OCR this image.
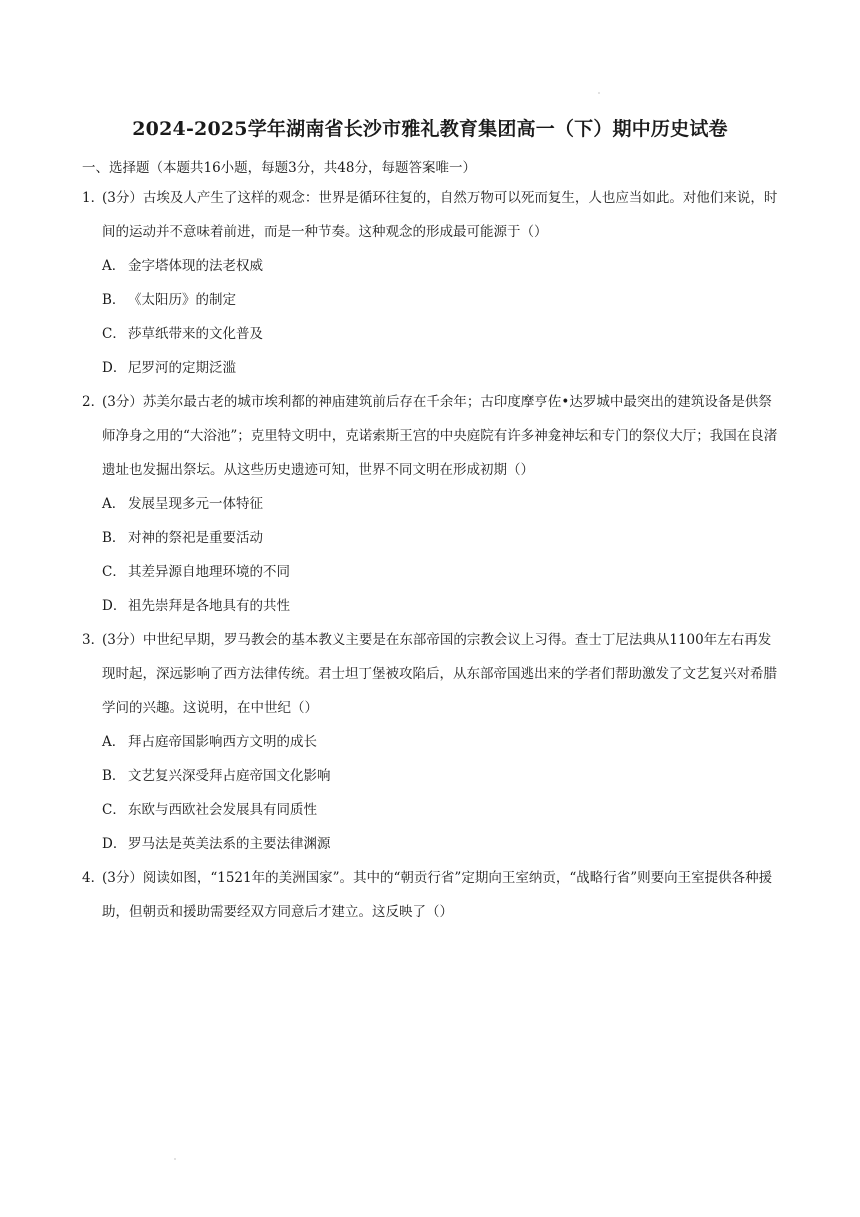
2024-2025学年湖南省长沙市雅礼教育集团高一（下）期中历史试卷
一、选择题（本题共16小题，每题3分，共48分，每题答案唯一）
1．(3分）古埃及人产生了这样的观念：世界是循环往复的，自然万物可以死而复生，人也应当如此。对他们来说，时间的运动并不意味着前进，而是一种节奏。这种观念的形成最可能源于（）
A． 金字塔体现的法老权威
B． 《太阳历》的制定
C． 莎草纸带来的文化普及
D． 尼罗河的定期泛滥
2．(3分）苏美尔最古老的城市埃利都的神庙建筑前后存在千余年；古印度摩亨佐•达罗城中最突出的建筑设备是供祭师净身之用的“大浴池”；克里特文明中，克诺索斯王宫的中央庭院有许多神龛神坛和专门的祭仪大厅；我国在良渚遗址也发掘出祭坛。从这些历史遗迹可知，世界不同文明在形成初期（）
A． 发展呈现多元一体特征
B． 对神的祭祀是重要活动
C． 其差异源自地理环境的不同
D． 祖先崇拜是各地具有的共性
3．(3分）中世纪早期，罗马教会的基本教义主要是在东部帝国的宗教会议上习得。查士丁尼法典从1100年左右再发现时起，深远影响了西方法律传统。君士坦丁堡被攻陷后，从东部帝国逃出来的学者们帮助激发了文艺复兴对希腊学问的兴趣。这说明，在中世纪（）
A． 拜占庭帝国影响西方文明的成长
B． 文艺复兴深受拜占庭帝国文化影响
C． 东欧与西欧社会发展具有同质性
D． 罗马法是英美法系的主要法律渊源
4．(3分）阅读如图，“1521年的美洲国家”。其中的“朝贡行省”定期向王室纳贡，“战略行省”则要向王室提供各种援助，但朝贡和援助需要经双方同意后才建立。这反映了（）
